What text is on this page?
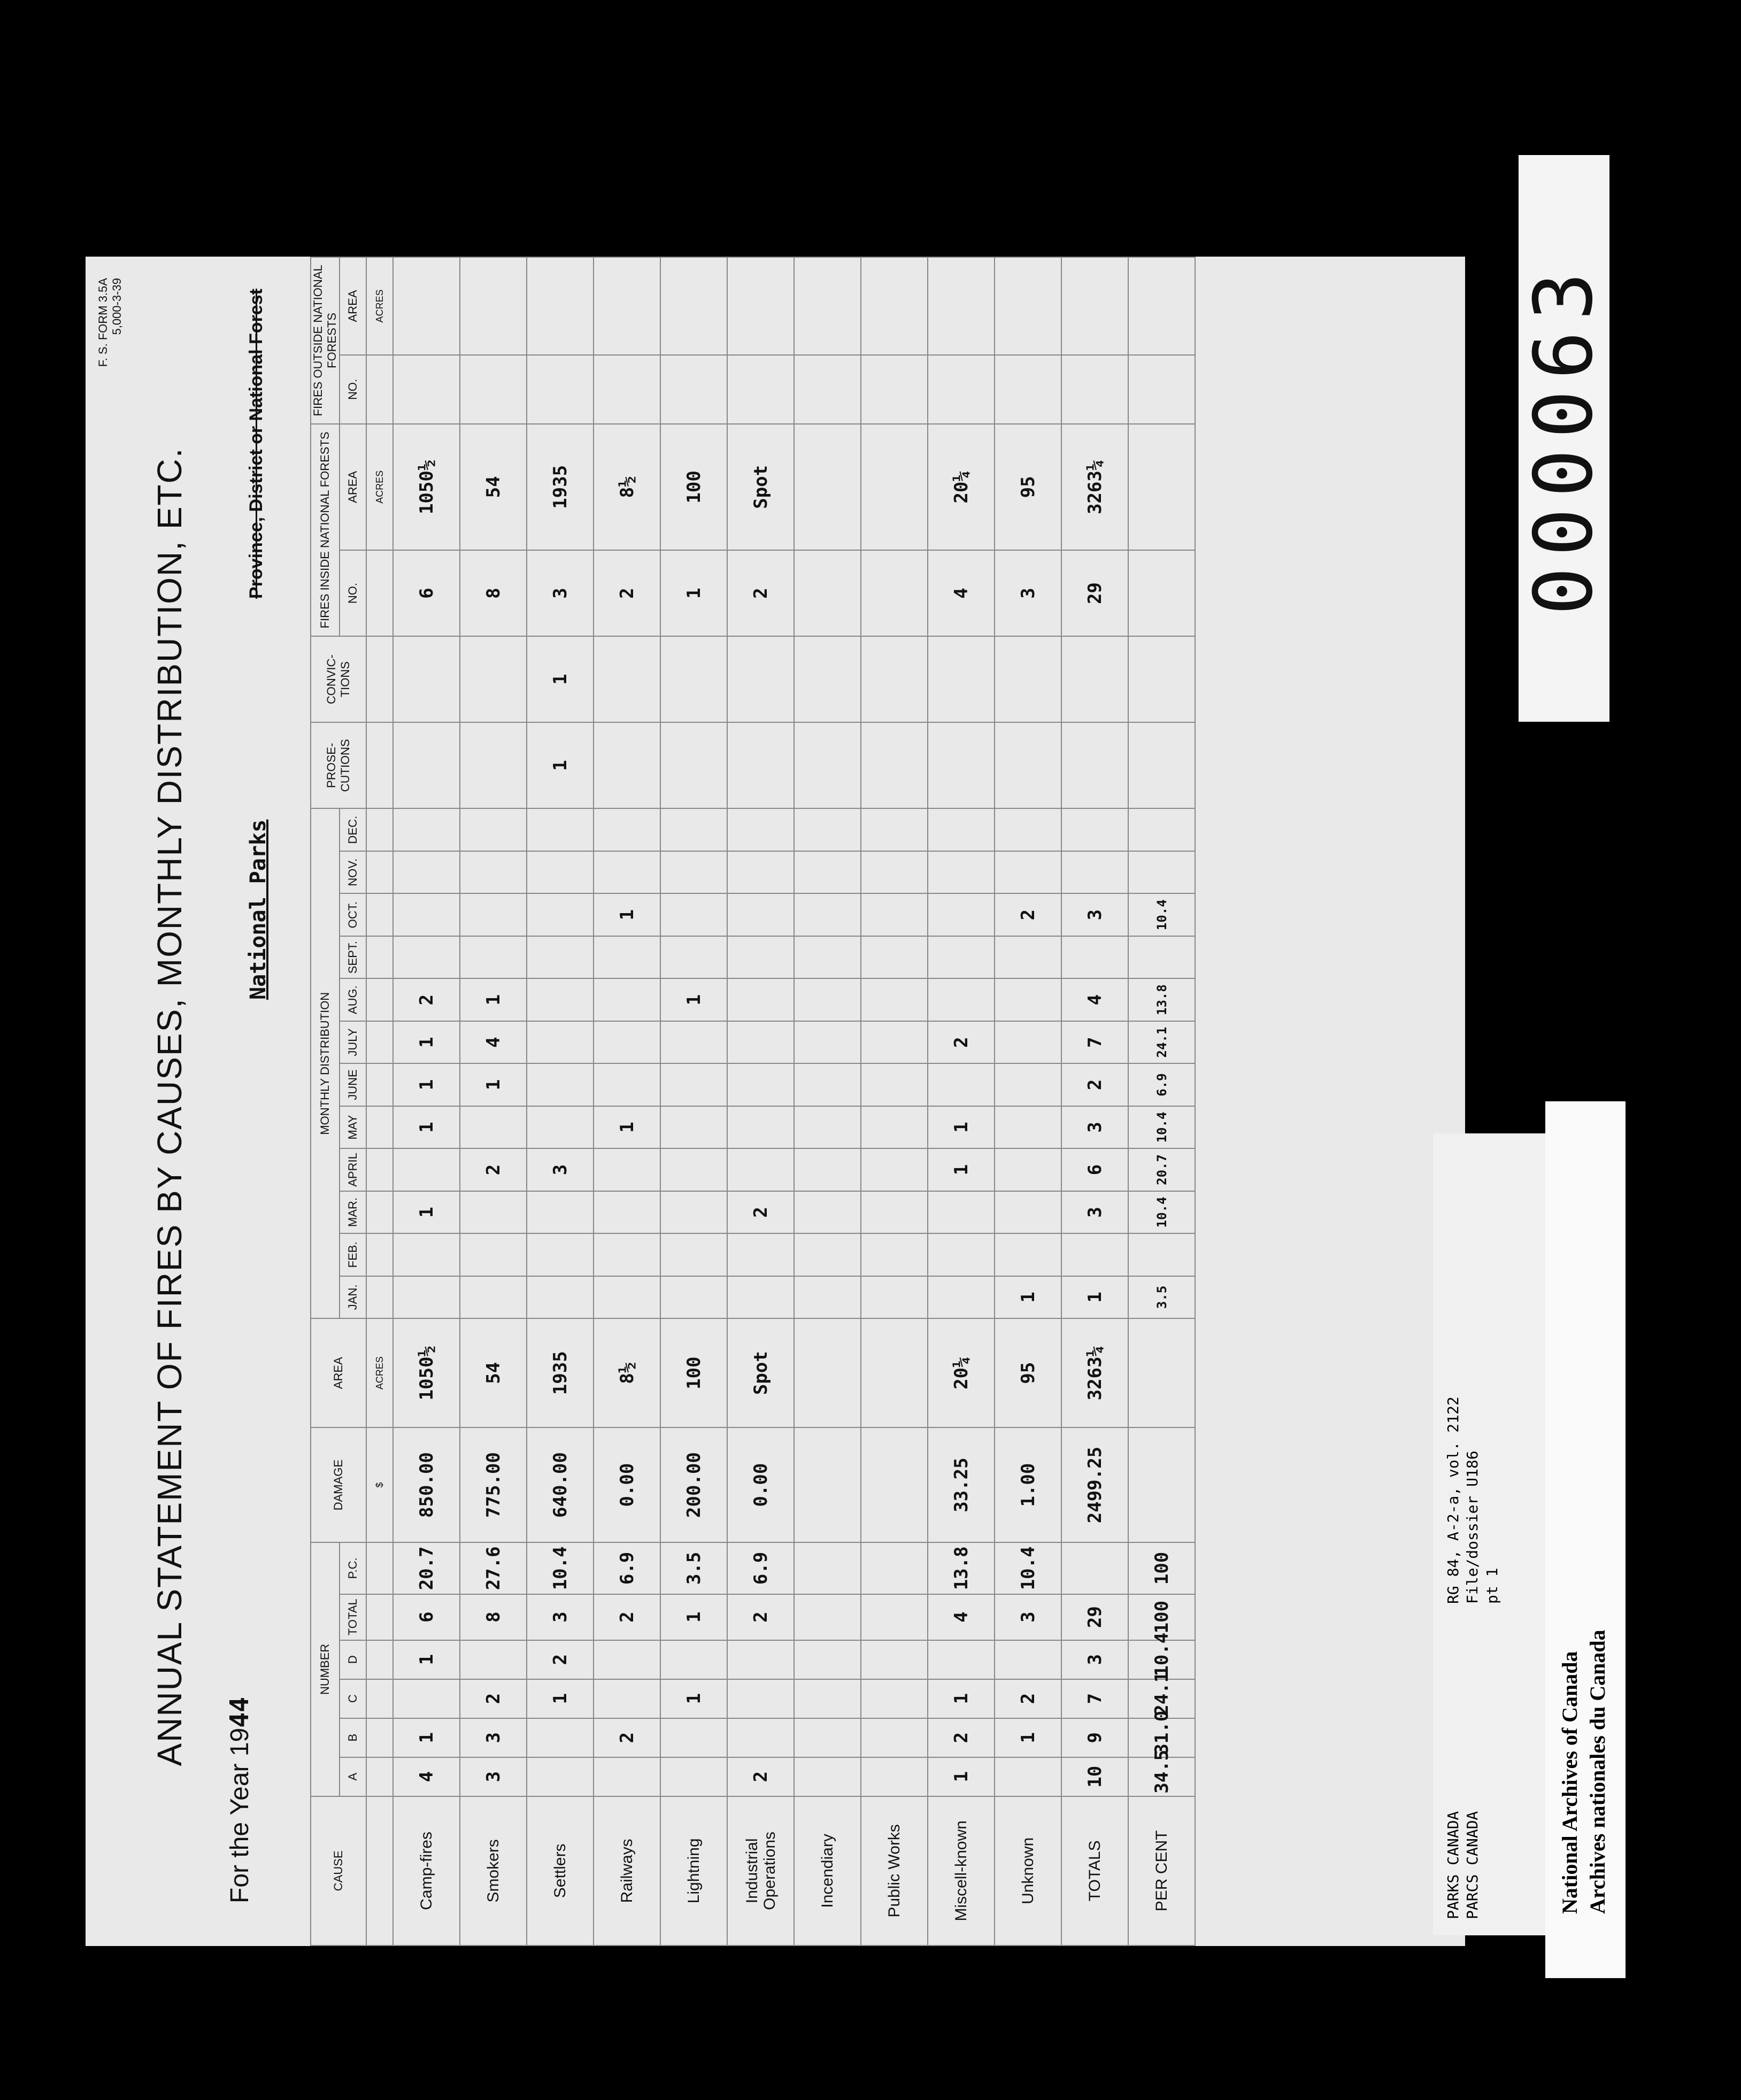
F. S. FORM 3.5A 5,000-3-39
ANNUAL STATEMENT OF FIRES BY CAUSES, MONTHLY DISTRIBUTION, ETC.
For the Year 1944
National Parks
Province, District or National Forest
CAUSE	NUMBER						DAMAGE	AREA	MONTHLY DISTRIBUTION												PROSE-CUTIONS	CONVIC-TIONS	FIRES INSIDE NATIONAL FORESTS		FIRES OUTSIDE NATIONAL FORESTS	
	A	B	C	D	TOTAL	P.C.			JAN.	FEB.	MAR.	APRIL	MAY	JUNE	JULY	AUG.	SEPT.	OCT.	NOV.	DEC.			NO.	AREA	NO.	AREA
							$	ACRES																ACRES		ACRES
Camp-fires	4	1		1	6	20.7	850.00	1050½			1		1	1	1	2							6	1050½		
Smokers	3	3	2		8	27.6	775.00	54				2		1	4	1							8	54		
Settlers			1	2	3	10.4	640.00	1935				3									1	1	3	1935		
Railways		2			2	6.9	0.00	8½					1					1					2	8½		
Lightning			1		1	3.5	200.00	100								1							1	100		
Industrial Operations	2				2	6.9	0.00	Spot			2												2	Spot		
Incendiary																										
Public Works																										
Miscell-known	1	2	1		4	13.8	33.25	20¼				1	1		2								4	20¼		
Unknown		1	2		3	10.4	1.00	95	1									2					3	95		
TOTALS	10	9	7	3	29		2499.25	3263¼	1		3	6	3	2	7	4		3					29	3263¼		
PER CENT	34.5	31.0	24.1	10.4	100	100			3.5		10.4	20.7	10.4	6.9	24.1	13.8		10.4								
000063
PARKS CANADA
PARCS CANADA
RG 84, A-2-a, vol. 2122
File/dossier U186
pt 1
National Archives of Canada Archives nationales du Canada
